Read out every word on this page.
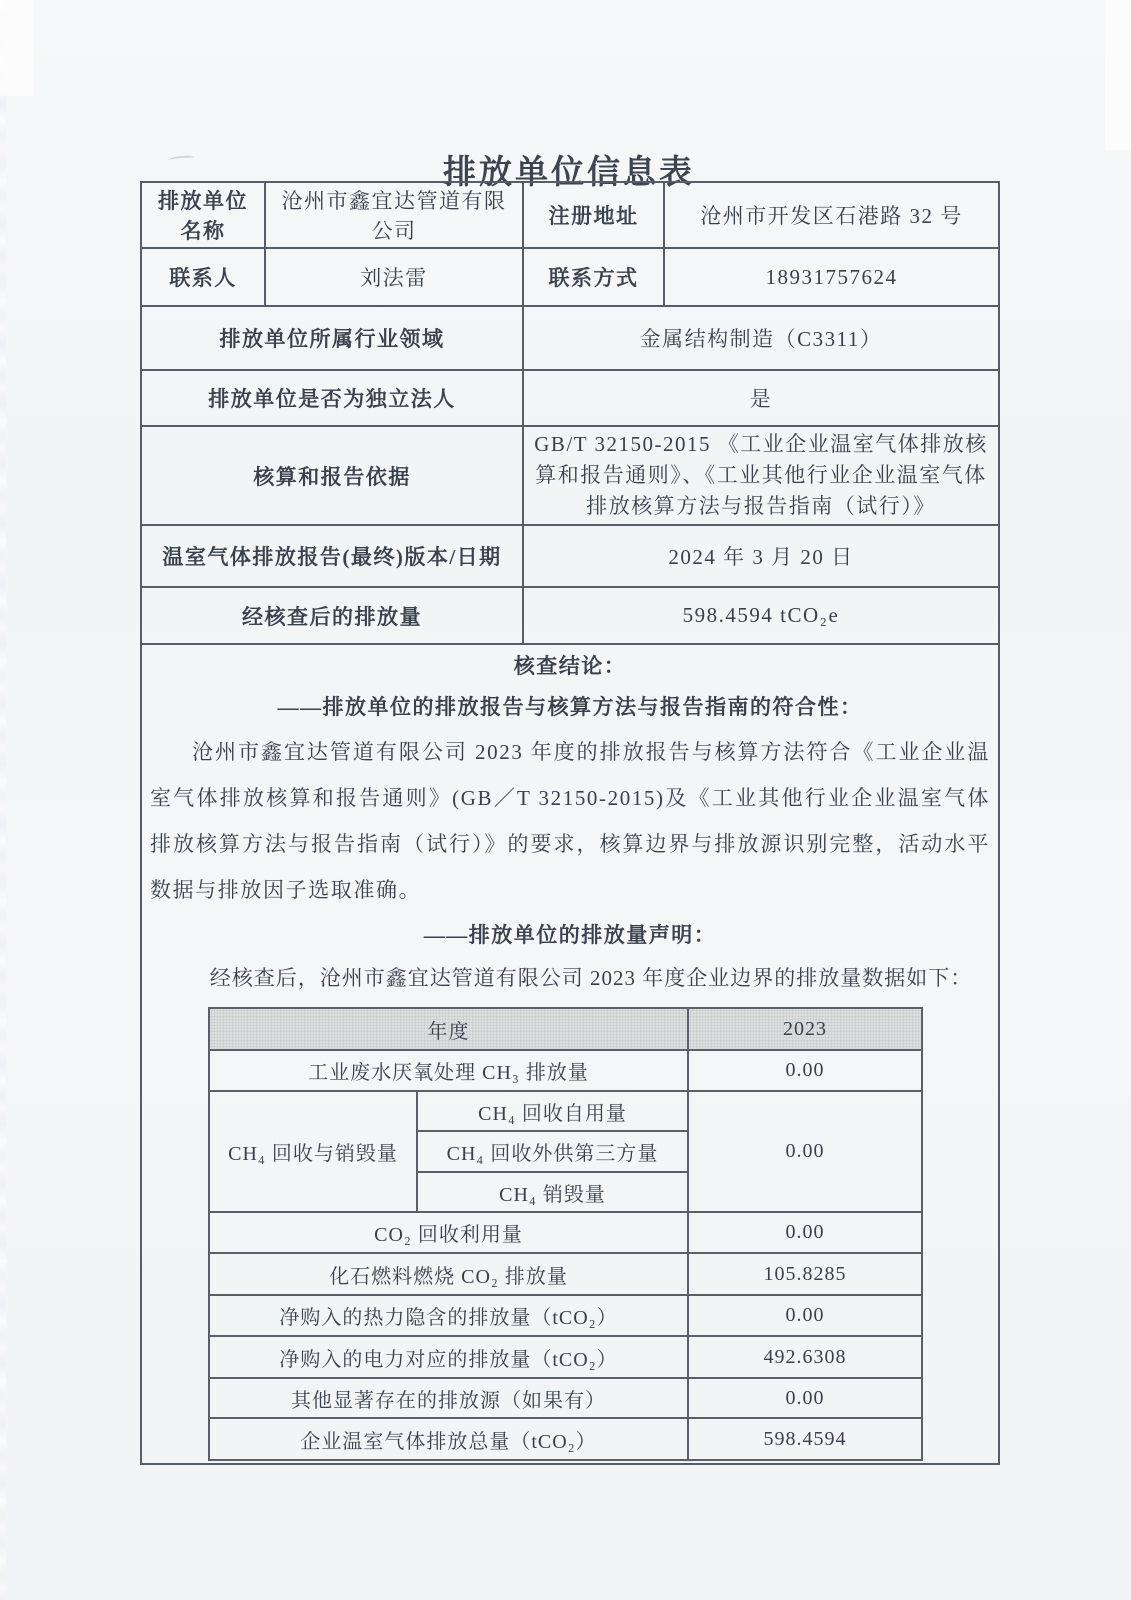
排放单位信息表
排放单位名称	沧州市鑫宜达管道有限公司	注册地址	沧州市开发区石港路 32 号
联系人	刘法雷	联系方式	18931757624
排放单位所属行业领域	金属结构制造（C3311）
排放单位是否为独立法人	是
核算和报告依据	GB/T 32150-2015 《工业企业温室气体排放核算和报告通则》、《工业其他行业企业温室气体排放核算方法与报告指南（试行）》
温室气体排放报告(最终)版本/日期	2024 年 3 月 20 日
经核查后的排放量	598.4594 tCO₂e

核查结论：
——排放单位的排放报告与核算方法与报告指南的符合性：

沧州市鑫宜达管道有限公司 2023 年度的排放报告与核算方法符合《工业企业温室气体排放核算和报告通则》(GB／T 32150-2015)及《工业其他行业企业温室气体排放核算方法与报告指南（试行）》的要求，核算边界与排放源识别完整，活动水平数据与排放因子选取准确。

——排放单位的排放量声明：

经核查后，沧州市鑫宜达管道有限公司 2023 年度企业边界的排放量数据如下：

年度	2023
工业废水厌氧处理 CH₃ 排放量	0.00
CH₄ 回收与销毁量	CH₄ 回收自用量	0.00
CH₄ 回收外供第三方量
CH₄ 销毁量
CO₂ 回收利用量	0.00
化石燃料燃烧 CO₂ 排放量	105.8285
净购入的热力隐含的排放量（tCO₂）	0.00
净购入的电力对应的排放量（tCO₂）	492.6308
其他显著存在的排放源（如果有）	0.00
企业温室气体排放总量（tCO₂）	598.4594
